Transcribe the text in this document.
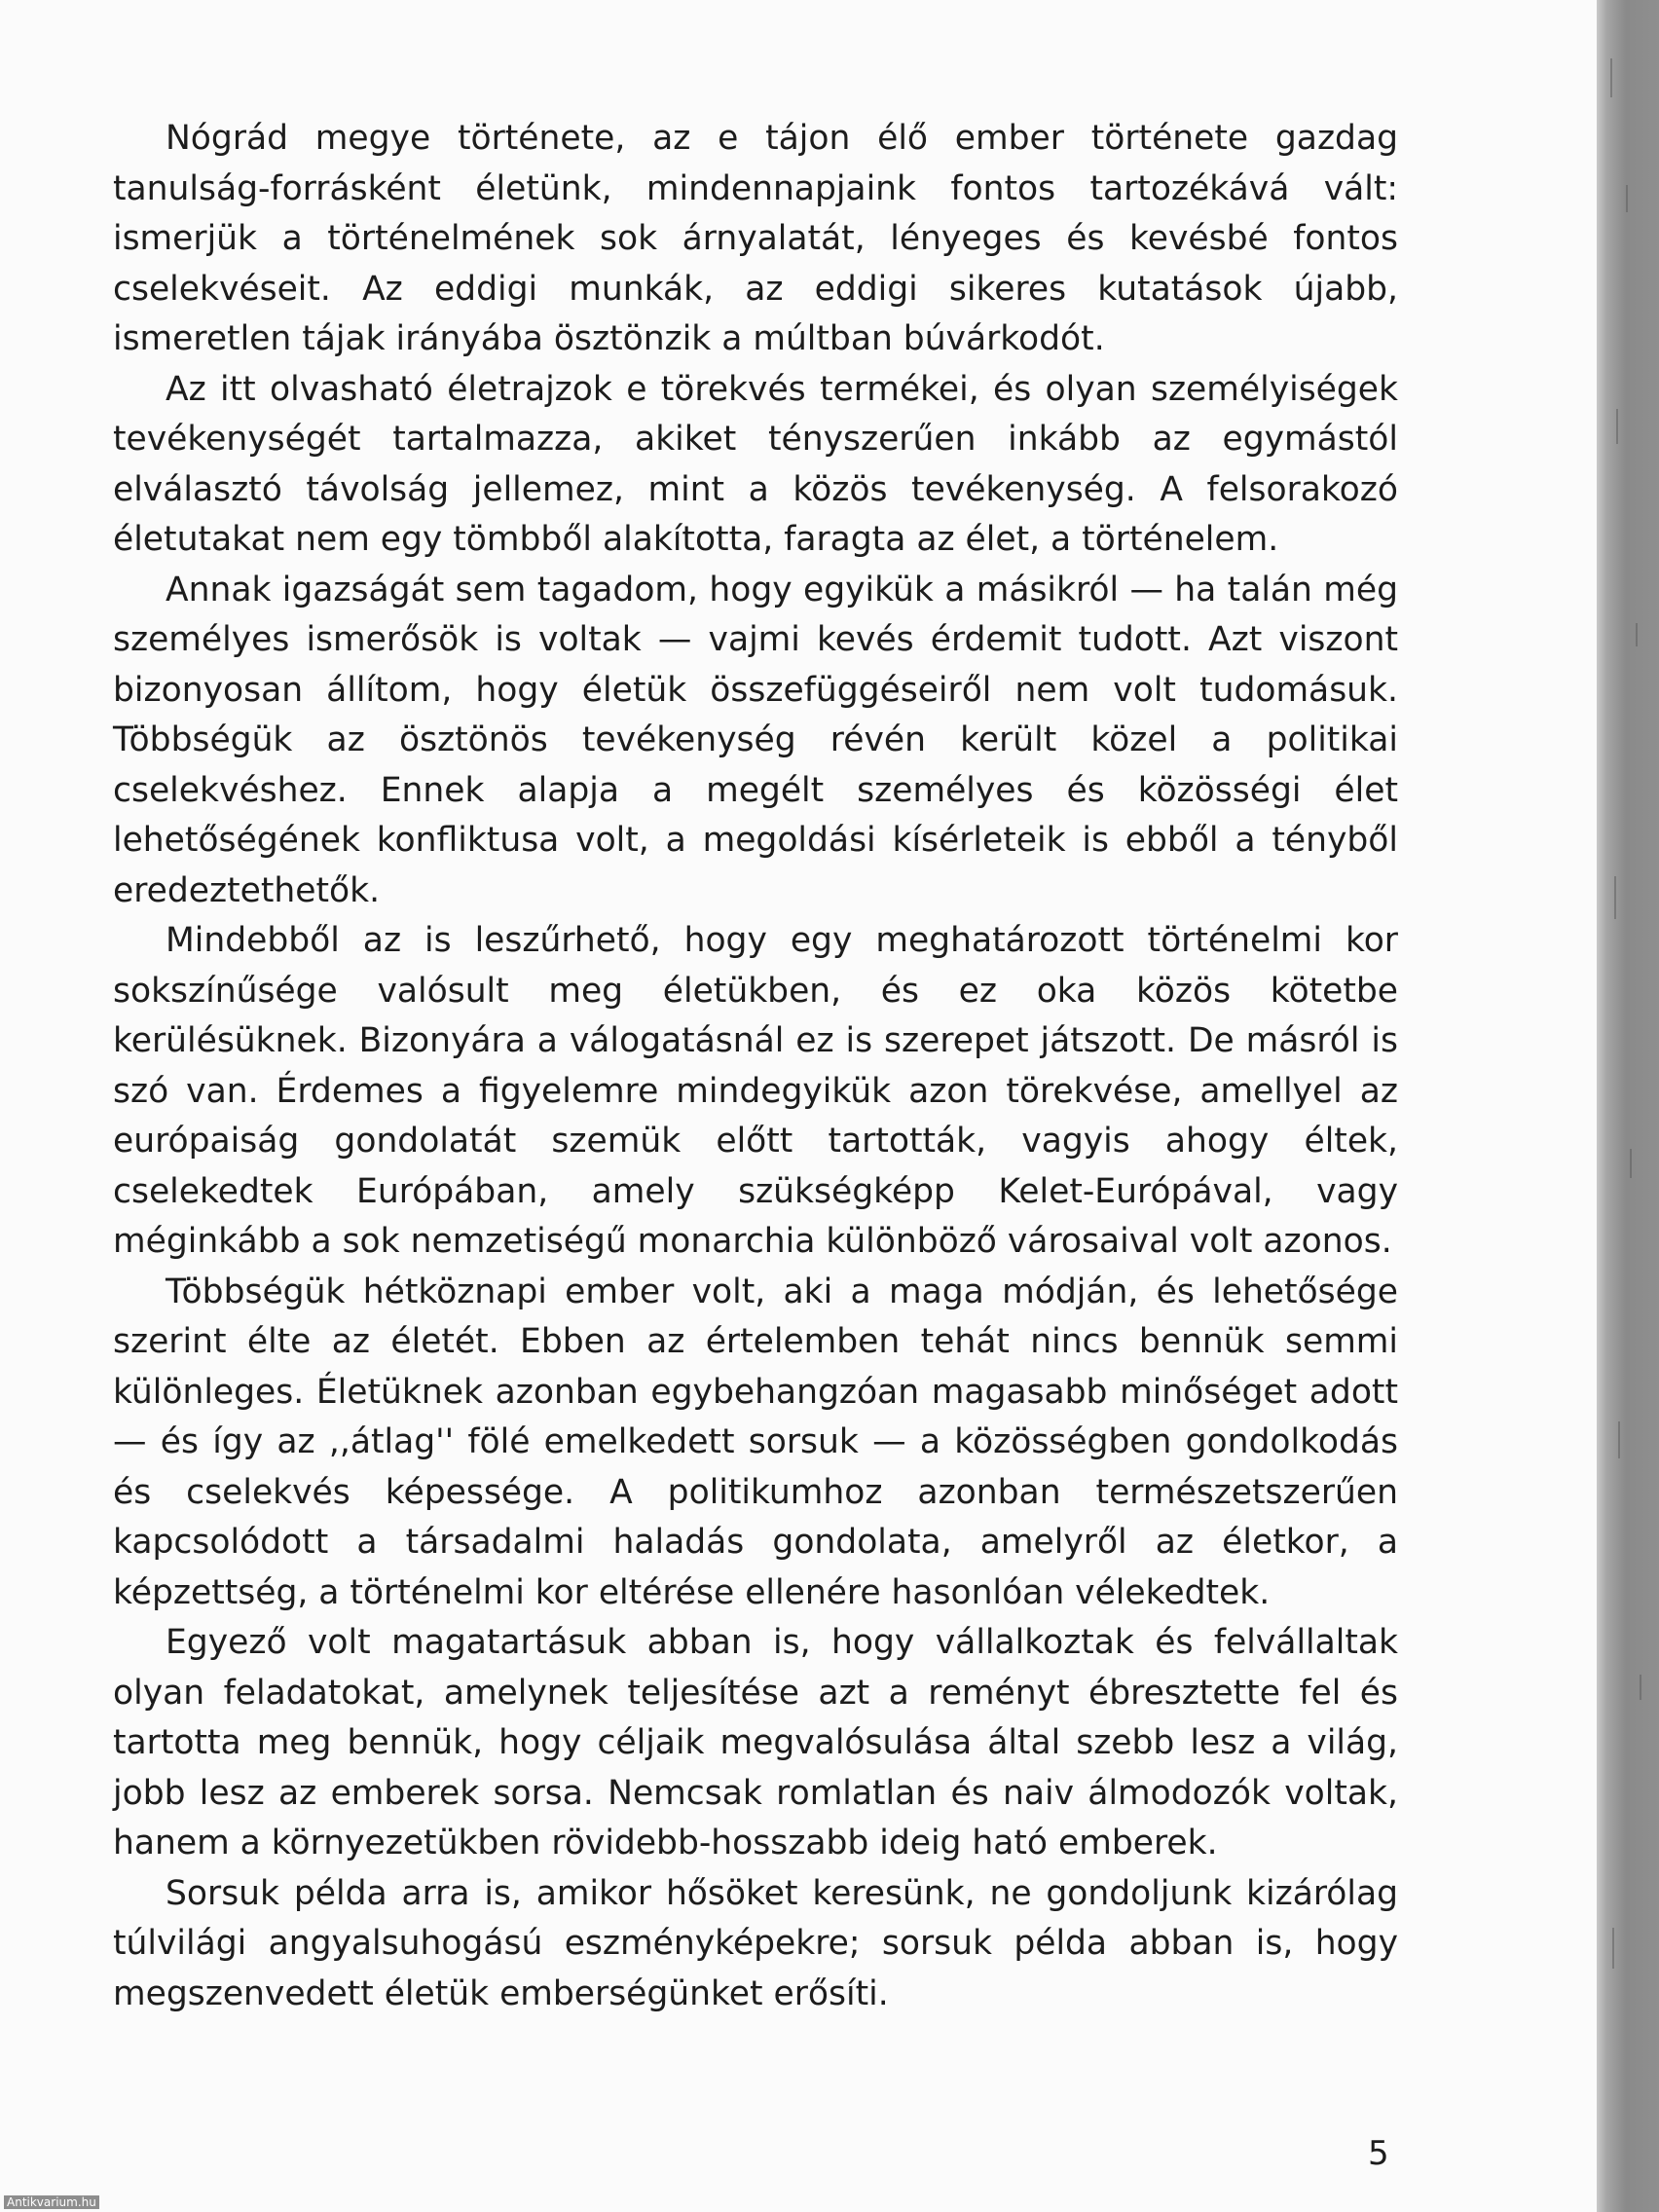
Nógrád megye története, az e tájon élő ember története gazdag tanulság-forrásként életünk, mindennapjaink fontos tartozékává vált: ismerjük a történelmének sok árnyalatát, lényeges és kevésbé fontos cselekvéseit. Az eddigi munkák, az eddigi sikeres kutatások újabb, ismeretlen tájak irányába ösztönzik a múltban búvárkodót.

Az itt olvasható életrajzok e törekvés termékei, és olyan személyiségek tevékenységét tartalmazza, akiket tényszerűen inkább az egymástól elválasztó távolság jellemez, mint a közös tevékenység. A felsorakozó életutakat nem egy tömbből alakította, faragta az élet, a történelem.

Annak igazságát sem tagadom, hogy egyikük a másikról — ha talán még személyes ismerősök is voltak — vajmi kevés érdemit tudott. Azt viszont bizonyosan állítom, hogy életük összefüggéseiről nem volt tudomásuk. Többségük az ösztönös tevékenység révén került közel a politikai cselekvéshez. Ennek alapja a megélt személyes és közösségi élet lehetőségének konfliktusa volt, a megoldási kísérleteik is ebből a tényből eredeztethetők.

Mindebből az is leszűrhető, hogy egy meghatározott történelmi kor sokszínűsége valósult meg életükben, és ez oka közös kötetbe kerülésüknek. Bizonyára a válogatásnál ez is szerepet játszott. De másról is szó van. Érdemes a figyelemre mindegyikük azon törekvése, amellyel az európaiság gondolatát szemük előtt tartották, vagyis ahogy éltek, cselekedtek Európában, amely szükségképp Kelet-Európával, vagy méginkább a sok nemzetiségű monarchia különböző városaival volt azonos.

Többségük hétköznapi ember volt, aki a maga módján, és lehetősége szerint élte az életét. Ebben az értelemben tehát nincs bennük semmi különleges. Életüknek azonban egybehangzóan magasabb minőséget adott — és így az ,,átlag'' fölé emelkedett sorsuk — a közösségben gondolkodás és cselekvés képessége. A politikumhoz azonban természetszerűen kapcsolódott a társadalmi haladás gondolata, amelyről az életkor, a képzettség, a történelmi kor eltérése ellenére hasonlóan vélekedtek.

Egyező volt magatartásuk abban is, hogy vállalkoztak és felvállaltak olyan feladatokat, amelynek teljesítése azt a reményt ébresztette fel és tartotta meg bennük, hogy céljaik megvalósulása által szebb lesz a világ, jobb lesz az emberek sorsa. Nemcsak romlatlan és naiv álmodozók voltak, hanem a környezetükben rövidebb-hosszabb ideig ható emberek.

Sorsuk példa arra is, amikor hősöket keresünk, ne gondoljunk kizárólag túlvilági angyalsuhogású eszményképekre; sorsuk példa abban is, hogy megszenvedett életük emberségünket erősíti.

5
Antikvarium.hu
